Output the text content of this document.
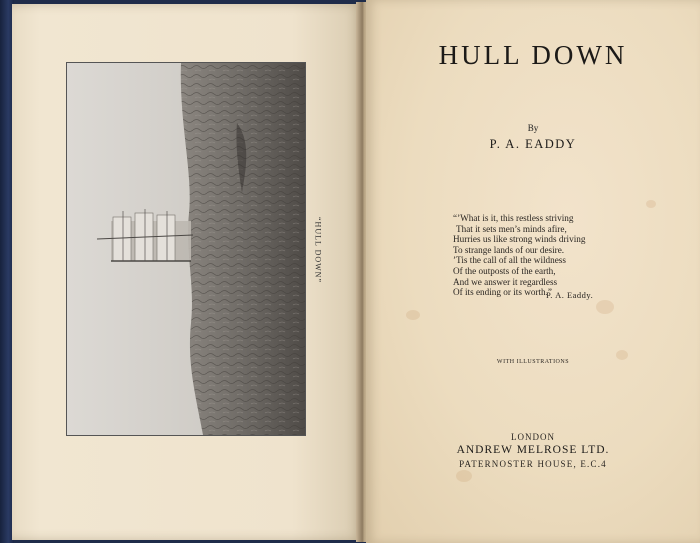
“HULL DOWN”
HULL DOWN
By
P. A. EADDY
“’What is it, this restless striving
That it sets men’s minds afire,
Hurries us like strong winds driving
To strange lands of our desire.
’Tis the call of all the wildness
Of the outposts of the earth,
And we answer it regardless
Of its ending or its worth.”
P. A. Eaddy.
WITH ILLUSTRATIONS
LONDON
ANDREW MELROSE LTD.
PATERNOSTER HOUSE, E.C.4
